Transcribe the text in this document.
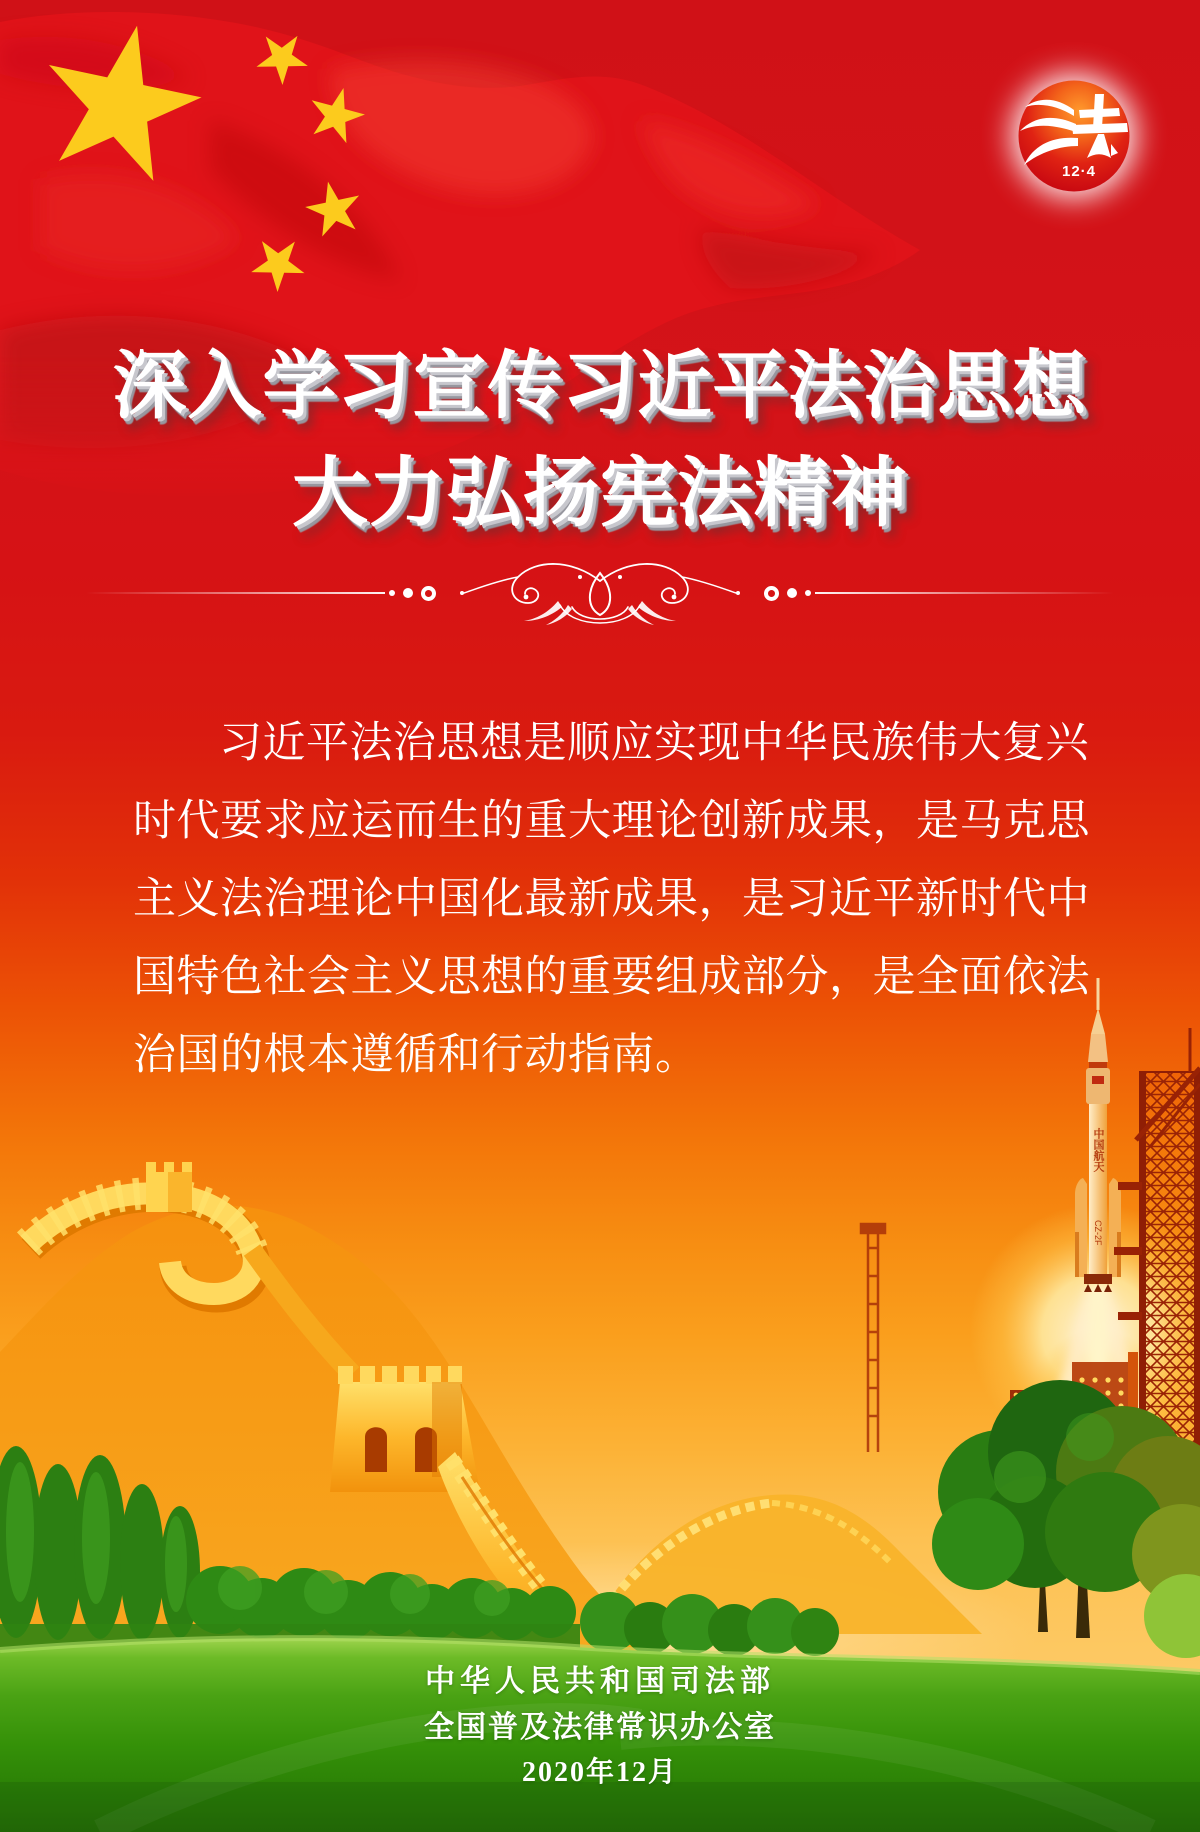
12·4
深入学习宣传习近平法治思想
大力弘扬宪法精神
习近平法治思想是顺应实现中华民族伟大复兴
时代要求应运而生的重大理论创新成果，是马克思
主义法治理论中国化最新成果，是习近平新时代中
国特色社会主义思想的重要组成部分，是全面依法
治国的根本遵循和行动指南。
中国航天
CZ-2F
中华人民共和国司法部
全国普及法律常识办公室
2020年12月
